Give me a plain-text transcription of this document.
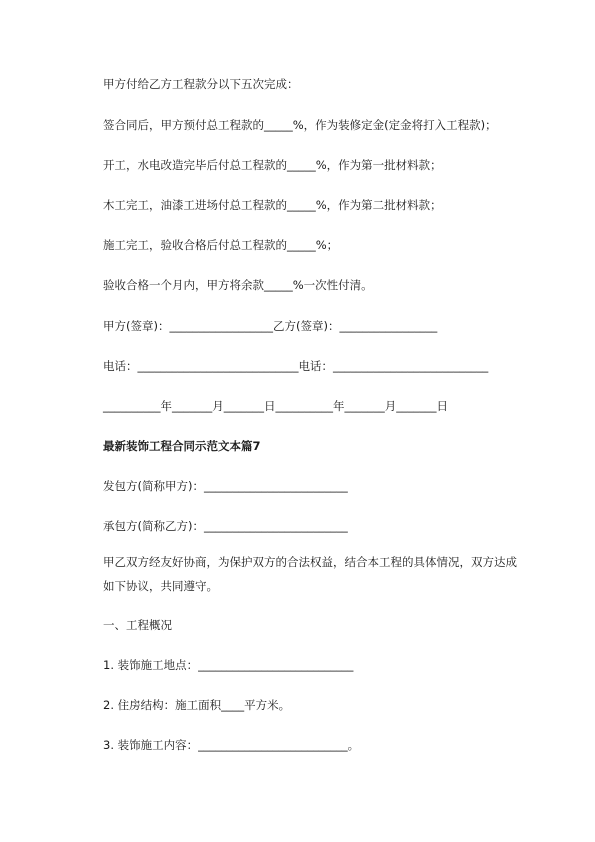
甲方付给乙方工程款分以下五次完成：
签合同后，甲方预付总工程款的_____%，作为装修定金(定金将打入工程款)；
开工，水电改造完毕后付总工程款的_____%，作为第一批材料款；
木工完工，油漆工进场付总工程款的_____%，作为第二批材料款；
施工完工，验收合格后付总工程款的_____%；
验收合格一个月内，甲方将余款_____%一次性付清。
甲方(签章)：__________________乙方(签章)：_________________
电话：____________________________电话：___________________________
__________年_______月_______日__________年_______月_______日
最新装饰工程合同示范文本篇7
发包方(简称甲方)：_________________________
承包方(简称乙方)：_________________________
甲乙双方经友好协商，为保护双方的合法权益，结合本工程的具体情况，双方达成如下协议，共同遵守。
一、工程概况
1. 装饰施工地点：___________________________
2. 住房结构：施工面积____平方米。
3. 装饰施工内容：__________________________。
